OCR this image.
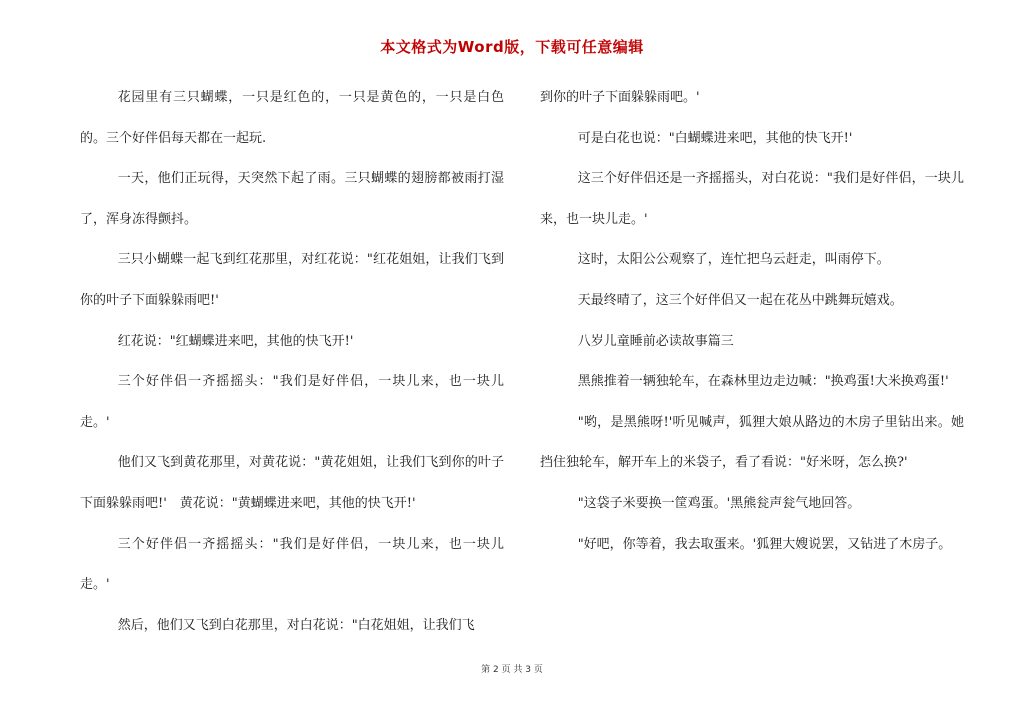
本文格式为Word版，下载可任意编辑

花园里有三只蝴蝶，一只是红色的，一只是黄色的，一只是白色的。三个好伴侣每天都在一起玩.

一天，他们正玩得，天突然下起了雨。三只蝴蝶的翅膀都被雨打湿了，浑身冻得颤抖。

三只小蝴蝶一起飞到红花那里，对红花说："红花姐姐，让我们飞到你的叶子下面躲躲雨吧!'

红花说："红蝴蝶进来吧，其他的快飞开!'

三个好伴侣一齐摇摇头："我们是好伴侣，一块儿来，也一块儿走。'

他们又飞到黄花那里，对黄花说："黄花姐姐，让我们飞到你的叶子下面躲躲雨吧!'　黄花说："黄蝴蝶进来吧，其他的快飞开!'

三个好伴侣一齐摇摇头："我们是好伴侣，一块儿来，也一块儿走。'

然后，他们又飞到白花那里，对白花说："白花姐姐，让我们飞

到你的叶子下面躲躲雨吧。'

可是白花也说："白蝴蝶进来吧，其他的快飞开!'

这三个好伴侣还是一齐摇摇头，对白花说："我们是好伴侣，一块儿来，也一块儿走。'

这时，太阳公公观察了，连忙把乌云赶走，叫雨停下。

天最终晴了，这三个好伴侣又一起在花丛中跳舞玩嬉戏。

八岁儿童睡前必读故事篇三

黑熊推着一辆独轮车，在森林里边走边喊："换鸡蛋!大米换鸡蛋!'

"哟，是黑熊呀!'听见喊声，狐狸大娘从路边的木房子里钻出来。她挡住独轮车，解开车上的米袋子，看了看说："好米呀，怎么换?'

"这袋子米要换一筐鸡蛋。'黑熊瓮声瓮气地回答。

"好吧，你等着，我去取蛋来。'狐狸大嫂说罢，又钻进了木房子。

第 2 页 共 3 页
